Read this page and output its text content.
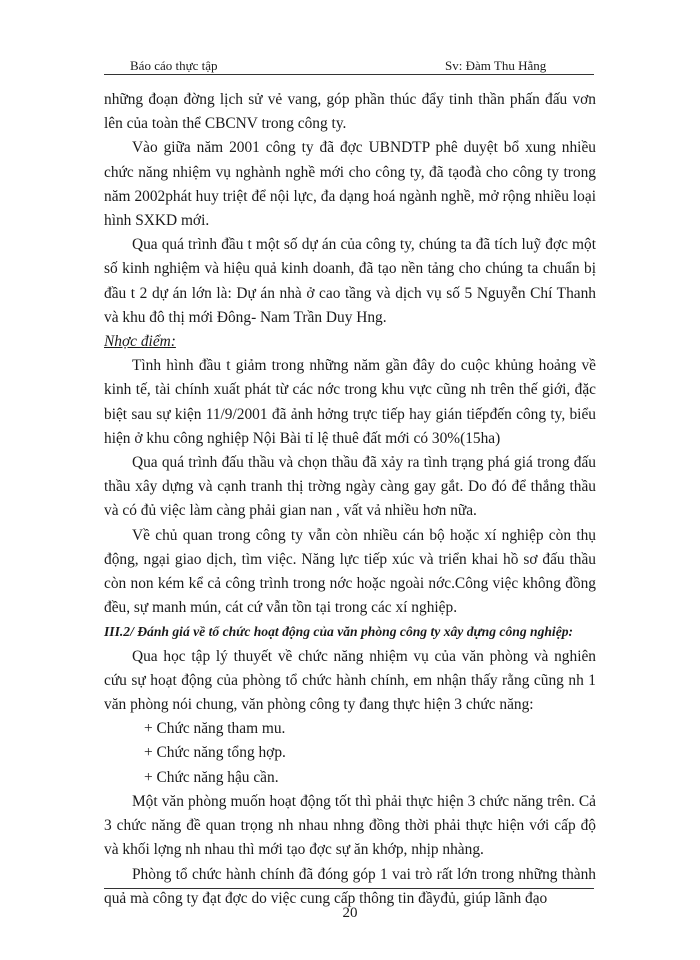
Báo cáo thực tập	Sv: Đàm Thu Hằng

những đoạn đờng lịch sử vẻ vang, góp phần thúc đẩy tinh thần phấn đấu vơn lên của toàn thể CBCNV trong công ty.

Vào giữa năm 2001 công ty đã đợc UBNDTP phê duyệt bổ xung nhiều chức năng nhiệm vụ nghành nghề mới cho công ty, đã tạođà cho công ty trong năm 2002phát huy triệt để nội lực, đa dạng hoá ngành nghề, mở rộng nhiều loại hình SXKD mới.

Qua quá trình đầu t một số dự án của công ty, chúng ta đã tích luỹ đợc một số kinh nghiệm và hiệu quả kinh doanh, đã tạo nền tảng cho chúng ta chuẩn bị đầu t 2 dự án lớn là: Dự án nhà ở cao tầng và dịch vụ số 5 Nguyễn Chí Thanh và khu đô thị mới Đông- Nam Trần Duy Hng.

Nhợc điểm:

Tình hình đầu t giảm trong những năm gần đây do cuộc khủng hoảng về kinh tế, tài chính xuất phát từ các nớc trong khu vực cũng nh trên thế giới, đặc biệt sau sự kiện 11/9/2001 đã ảnh hởng trực tiếp hay gián tiếpđến công ty, biểu hiện ở khu công nghiệp Nội Bài tỉ lệ thuê đất mới có 30%(15ha)

Qua quá trình đấu thầu và chọn thầu đã xảy ra tình trạng phá giá trong đấu thầu xây dựng và cạnh tranh thị trờng ngày càng gay gắt. Do đó để thắng thầu và có đủ việc làm càng phải gian nan , vất vả nhiều hơn nữa.

Về chủ quan trong công ty vẫn còn nhiều cán bộ hoặc xí nghiệp còn thụ động, ngại giao dịch, tìm việc. Năng lực tiếp xúc và triển khai hồ sơ đấu thầu còn non kém kể cả công trình trong nớc hoặc ngoài nớc.Công việc không đồng đều, sự manh mún, cát cứ vẫn tồn tại trong các xí nghiệp.

III.2/ Đánh giá về tổ chức hoạt động của văn phòng công ty xây dựng công nghiệp:

Qua học tập lý thuyết về chức năng nhiệm vụ của văn phòng và nghiên cứu sự hoạt động của phòng tổ chức hành chính, em nhận thấy rằng cũng nh 1 văn phòng nói chung, văn phòng công ty đang thực hiện 3 chức năng:

+ Chức năng tham mu.

+ Chức năng tổng hợp.

+ Chức năng hậu cần.

Một văn phòng muốn hoạt động tốt thì phải thực hiện 3 chức năng trên. Cả 3 chức năng đề quan trọng nh nhau nhng đồng thời phải thực hiện với cấp độ và khối lợng nh nhau thì mới tạo đợc sự ăn khớp, nhịp nhàng.

Phòng tổ chức hành chính đã đóng góp 1 vai trò rất lớn trong những thành quả mà công ty đạt đợc do việc cung cấp thông tin đầyđủ, giúp lãnh đạo

20
